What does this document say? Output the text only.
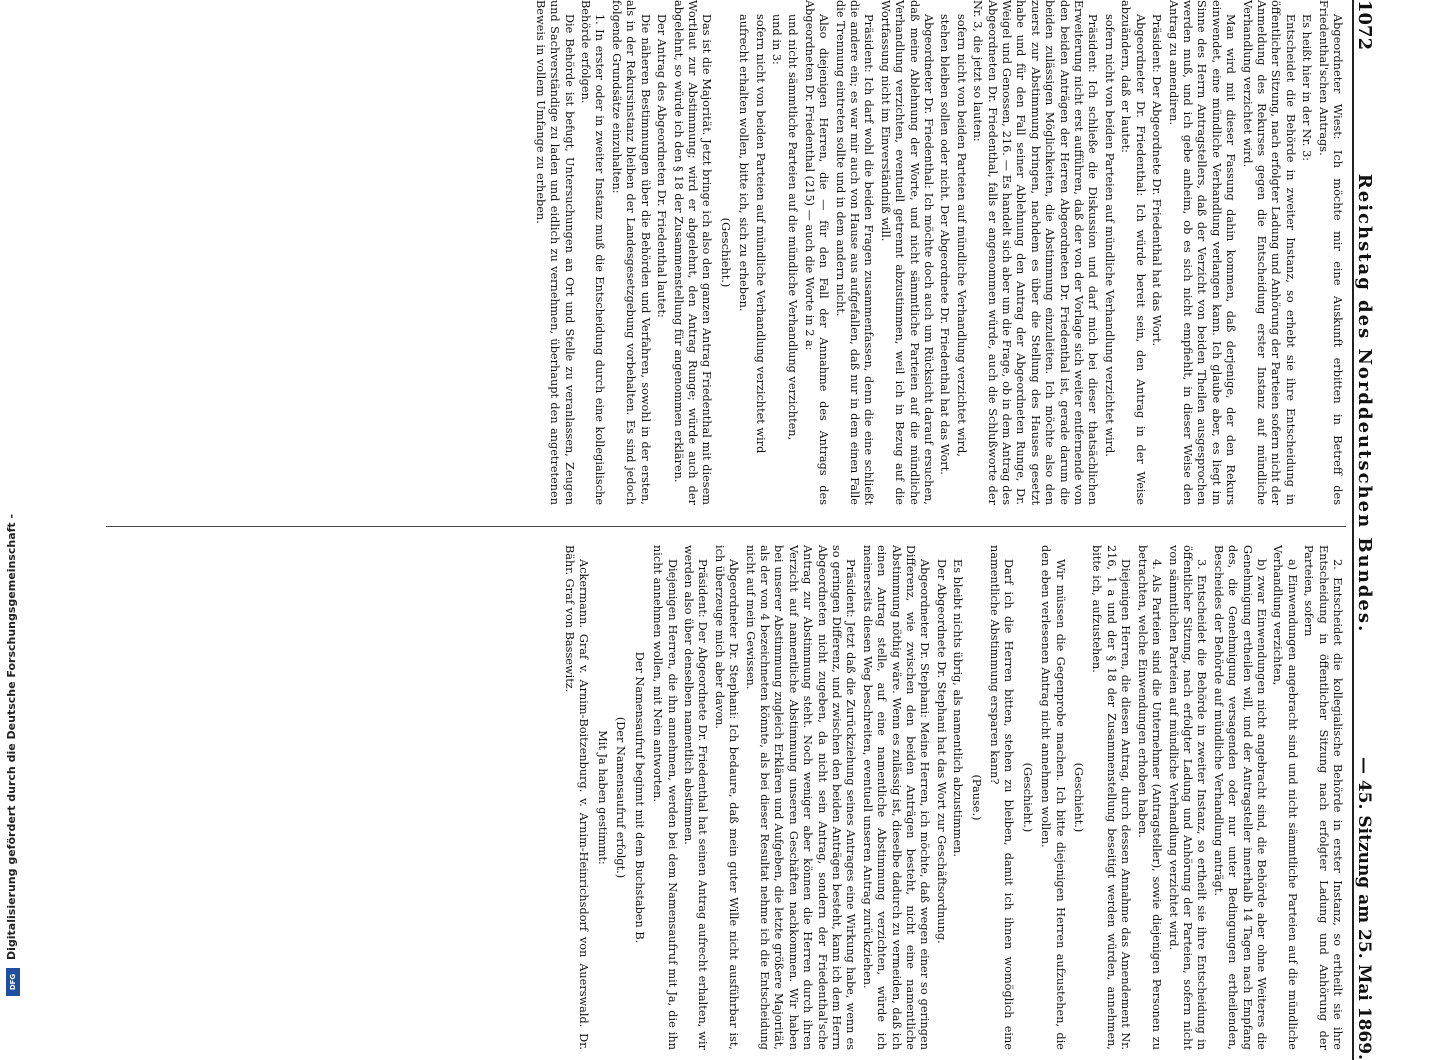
Digitalisierung gefördert durch die Deutsche Forschungsgemeinschaft -
DFG
1072
Reichstag des Norddeutschen Bundes.
— 45. Sitzung am 25. Mai 1869.

Abgeordneter Wiest: Ich möchte mir eine Auskunft erbitten in Betreff des Friedenthal'schen Antrags.

Es heißt hier in der Nr. 3:

Entscheidet die Behörde in zweiter Instanz, so erhebt sie ihre Entscheidung in öffentlicher Sitzung, nach erfolgter Ladung und Anhörung der Parteien sofern nicht der Anmeldung des Rekurses gegen die Entscheidung erster Instanz auf mündliche Verhandlung verzichtet wird.

Man wird mit dieser Fassung dahin kommen, daß derjenige, der den Rekurs einwendet, eine mündliche Verhandlung verlangen kann. Ich glaube aber, es liegt im Sinne des Herrn Antragstellers, daß der Verzicht von beiden Theilen ausgesprochen werden muß, und ich gebe anheim, ob es sich nicht empfiehlt, in dieser Weise den Antrag zu amendiren.

Präsident: Der Abgeordnete Dr. Friedenthal hat das Wort.

Abgeordneter Dr. Friedenthal: Ich würde bereit sein, den Antrag in der Weise abzuändern, daß er lautet:

sofern nicht von beiden Parteien auf mündliche Verhandlung verzichtet wird.

Präsident: Ich schließe die Diskussion und darf mich bei dieser thatsächlichen Erweiterung nicht erst aufführen, daß der von der Vorlage sich weiter entfernende von den beiden Anträgen der Herren Abgeordneten Dr. Friedenthal ist, gerade darum die beiden zulässigen Möglichkeiten, die Abstimmung einzuleiten. Ich möchte also den zuerst zur Abstimmung bringen, nachdem es über die Stellung des Hauses gesetzt habe und für den Fall seiner Ablehnung den Antrag der Abgeordneten Runge, Dr. Weigel und Genossen, 216. — Es handelt sich aber um die Frage, ob in dem Antrag des Abgeordneten Dr. Friedenthal, falls er angenommen würde, auch die Schlußworte der Nr. 3, die jetzt so lauten:

sofern nicht von beiden Parteien auf mündliche Verhandlung verzichtet wird,

stehen bleiben sollen oder nicht. Der Abgeordnete Dr. Friedenthal hat das Wort.

Abgeordneter Dr. Friedenthal: Ich möchte doch auch um Rücksicht darauf ersuchen, daß meine Ablehnung der Worte, und nicht sämmtliche Parteien auf die mündliche Verhandlung verzichten, eventuell getrennt abzustimmen, weil ich in Bezug auf die Wortfassung nicht im Einverständniß will.

Präsident: Ich darf wohl die beiden Fragen zusammenfassen, denn die eine schließt die andere ein; es war mir auch von Hause aus aufgefallen, daß nur in dem einen Falle die Trennung eintreten sollte und in dem andern nicht.

Also diejenigen Herren, die — für den Fall der Annahme des Antrags des Abgeordneten Dr. Friedenthal (215) — auch die Worte in 2 a:

und nicht sämmtliche Parteien auf die mündliche Verhandlung verzichten,

und in 3:

sofern nicht von beiden Parteien auf mündliche Verhandlung verzichtet wird

aufrecht erhalten wollen, bitte ich, sich zu erheben.

(Geschieht.)

Das ist die Majorität. Jetzt bringe ich also den ganzen Antrag Friedenthal mit diesem Wortlaut zur Abstimmung; wird er abgelehnt, den Antrag Runge; würde auch der abgelehnt, so würde ich den § 18 der Zusammenstellung für angenommen erklären.

Der Antrag des Abgeordneten Dr. Friedenthal lautet:

Die näheren Bestimmungen über die Behörden und Verfahren, sowohl in der ersten, als in der Rekursinstanz bleiben der Landesgesetzgebung vorbehalten. Es sind jedoch folgende Grundsätze einzuhalten:

1. In erster oder in zweiter Instanz muß die Entscheidung durch eine kollegialische Behörde erfolgen.

Die Behörde ist befugt, Untersuchungen an Ort und Stelle zu veranlassen, Zeugen und Sachverständige zu laden und eidlich zu vernehmen, überhaupt den angetretenen Beweis in vollem Umfange zu erheben.

2. Entscheidet die kollegialische Behörde in erster Instanz, so ertheilt sie ihre Entscheidung in öffentlicher Sitzung nach erfolgter Ladung und Anhörung der Parteien, sofern

a) Einwendungen angebracht sind und nicht sämmtliche Parteien auf die mündliche Verhandlung verzichten,

b) zwar Einwendungen nicht angebracht sind, die Behörde aber ohne Weiteres die Genehmigung ertheilen will, und der Antragsteller innerhalb 14 Tagen nach Empfang des, die Genehmigung versagenden oder nur unter Bedingungen ertheilenden, Bescheides der Behörde auf mündliche Verhandlung anträgt.

3. Entscheidet die Behörde in zweiter Instanz, so ertheilt sie ihre Entscheidung in öffentlicher Sitzung, nach erfolgter Ladung und Anhörung der Parteien, sofern nicht von sämmtlichen Parteien auf mündliche Verhandlung verzichtet wird.

4. Als Parteien sind die Unternehmer (Antragsteller), sowie diejenigen Personen zu betrachten, welche Einwendungen erhoben haben.

Diejenigen Herren, die diesen Antrag, durch dessen Annahme das Amendement Nr. 216, 1 a und der § 18 der Zusammenstellung beseitigt werden würden, annehmen, bitte ich, aufzustehen.

(Geschieht.)

Wir müssen die Gegenprobe machen. Ich bitte diejenigen Herren aufzustehen, die den eben verlesenen Antrag nicht annehmen wollen.

(Geschieht.)

Darf ich die Herren bitten, stehen zu bleiben, damit ich ihnen womöglich eine namentliche Abstimmung ersparen kann?

(Pause.)

Es bleibt nichts übrig, als namentlich abzustimmen.

Der Abgeordnete Dr. Stephani hat das Wort zur Geschäftsordnung.

Abgeordneter Dr. Stephani: Meine Herren, ich möchte, daß wegen einer so geringen Differenz, wie zwischen den beiden Anträgen besteht, nicht eine namentliche Abstimmung nöthig wäre. Wenn es zulässig ist, dieselbe dadurch zu vermeiden, daß ich einen Antrag stelle, auf eine namentliche Abstimmung verzichten, würde ich meinerseits diesen Weg beschreiten, eventuell unseren Antrag zurückziehen.

Präsident: Jetzt daß die Zurückziehung seines Antrages eine Wirkung habe, wenn es so geringen Differenz, und zwischen den beiden Anträgen besteht, kann ich dem Herrn Abgeordneten nicht zugeben, da nicht sein Antrag, sondern der Friedenthal'sche Antrag zur Abstimmung steht. Noch weniger aber können die Herren durch ihren Verzicht auf namentliche Abstimmung unseren Geschäften nachkommen. Wir haben bei unserer Abstimmung zugleich Erklären und Aufgeben, die letzte größere Majorität, als der von 4 bezeichneten könnte, als bei dieser Resultat nehme ich die Entscheidung nicht auf mein Gewissen.

Abgeordneter Dr. Stephani: Ich bedaure, daß mein guter Wille nicht ausführbar ist, ich überzeuge mich aber davon.

Präsident: Der Abgeordnete Dr. Friedenthal hat seinen Antrag aufrecht erhalten, wir werden also über denselben namentlich abstimmen.

Diejenigen Herren, die ihn annehmen, werden bei dem Namensaufruf mit Ja, die ihn nicht annehmen wollen, mit Nein antworten.

Der Namensaufruf beginnt mit dem Buchstaben B.

(Der Namensaufruf erfolgt.)

Mit Ja haben gestimmt:

Ackermann. Graf v. Arnim-Boitzenburg. v. Arnim-Heinrichsdorf von Auerswald. Dr. Bähr. Graf von Bassewitz.
